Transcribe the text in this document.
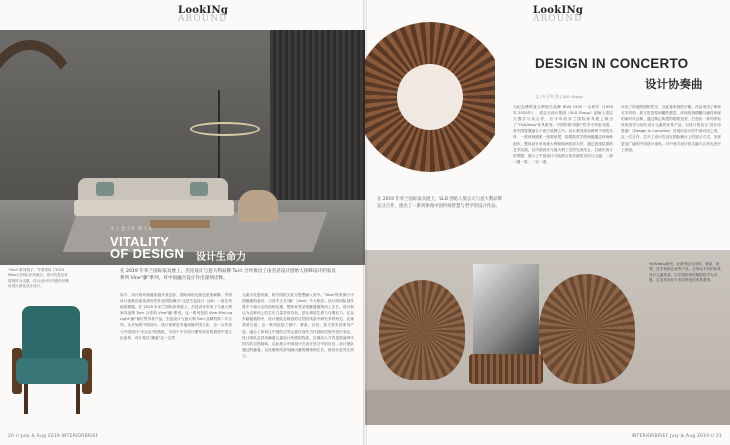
LookINg
AROUND
文 | 金子叶 图 | A
VITALITY
OF DESIGN 设计生命力
"Vine"系列椅子，外观采用了2019 Milan日团队家具推出，设计的是以家居展风为灵感，结合设计时代感外部利用进行深化设计设计。
在 2019 年米兰国际家具展上，杰昆设计与意大利品牌 Turri 合作推出了由杰昆设计创始人崔峰设计的家具系列 Vine"藤"系列，对中国融合设计作出深刻诠释。
如今，设计的环境越来越开放包容，国际间的交流也更加频繁。中国设计逐渐用更优质好的作品国际舞台"这是杰昆设计（JIA）一直在持续的课题。在 2019 年米兰国际家具展上，杰昆设计带来了与意大利家具品牌 Turri 合作的 Vine"藤"系列。这一系列包括 Vine Mini-ng Light"藤"餐灯等多款产品，杰昆设计与意大利 Turri 品牌的第二年合作。从开始的中国设计，设计需要更多地深融中国文化，这一合作成为中国设计"走出去"的典范。不同于中式设计惯常采用的典型中国文化意象，设计将以"藤蔓"这一自然
元素为灵感来源，将中国的文化与思想融入其中。"Vine"的来源于中国藤蔓的意向，与其中文名"藤"（vine）不太相应。设计师团队创作将中干谐氏名的组相实缠，整体家具呈现藤蔓植物向上生长。设计师认为这种向上的生长力量非常具有，是从事的生命力与增长力。在众多藤蔓植物中，设计团队在精选的自然的线条中研究多样形态，注重其形与意。这一系列包括了餐厅、餐桌、沙发、茶几等多款家具产品，融合了如何让中国的自然元素在现代当代国际语境中进行表达，设计团队尝试用藤蔓元素设计所需的线条，以简洁大方的造型演绎中国式的自然韵味，以此展示中国设计在设计语言中的自信，设计团队通过的藤蔓，以优雅的线条刻画出藤的缠绕和生长，使设计更具生命力。
20 // July & Aug 2019 INTERIORBRIEF
LookINg
AROUND
DESIGN IN CONCERTO
设计协奏曲
文 | 叶子叶 图 | SLD Group
为纪念博埃意大利知名品牌 RIVA 1920 一百周年（1920年-2020年），梁志天设计集团（SLD Group）创始人梁志天携手与其合作，在今年的米兰国际家具展上推出了"Yin&Yang"家具系列，中国传统"阴阳"哲学中采取灵感，将中国智慧融合于西方品牌之中。设计系列采用两种不同的木材，一款体现刚柔一张圆桌凳，将阴阳哲学的两端通过体两种创作，整体设计采用意大利和欧洲优质木材，通过更深层面的艺术实践，以中国设计与意大利工艺的完美结合，打破东西方的界限，展示了中国设计与欧洲文化传统的对话与交融，二者一刚一柔、一实一虚。
评论了传统的阴阳哲学，以此将家庭的平衡。作品采用了珍贵实木材料，卸又赏造型和雕的感觉，体现传统精髓与融经家庭的新时代诠释。通过精心构思的阴阳造型，打造出一系列带有传统美学与现代设计元素的家具产品，以设计的语言"设计协奏曲"（Design in Concerto）呈现出设计的中西对话之美。这一次合作，打开了设计作品在国际舞台上的展示方式，呈现更加广阔的中国设计视角。对中西方设计的交融与合作也进行了探索。
在 2019 年米兰国际家具展上，SLD 创始人梁志天与意大利品牌充分合作，推出了一系列体现中国传统智慧与哲学的设计作品。
Yin&Yang系列，此系列包含座椅、餐桌、座凳、扶手椅和边桌等产品，分别以不同的家具设计元素构成，以中国传统的阴阳哲学为灵感，打造具有东方美学特色的家具系列。
INTERIORBRIEF July & Aug 2019 // 21
